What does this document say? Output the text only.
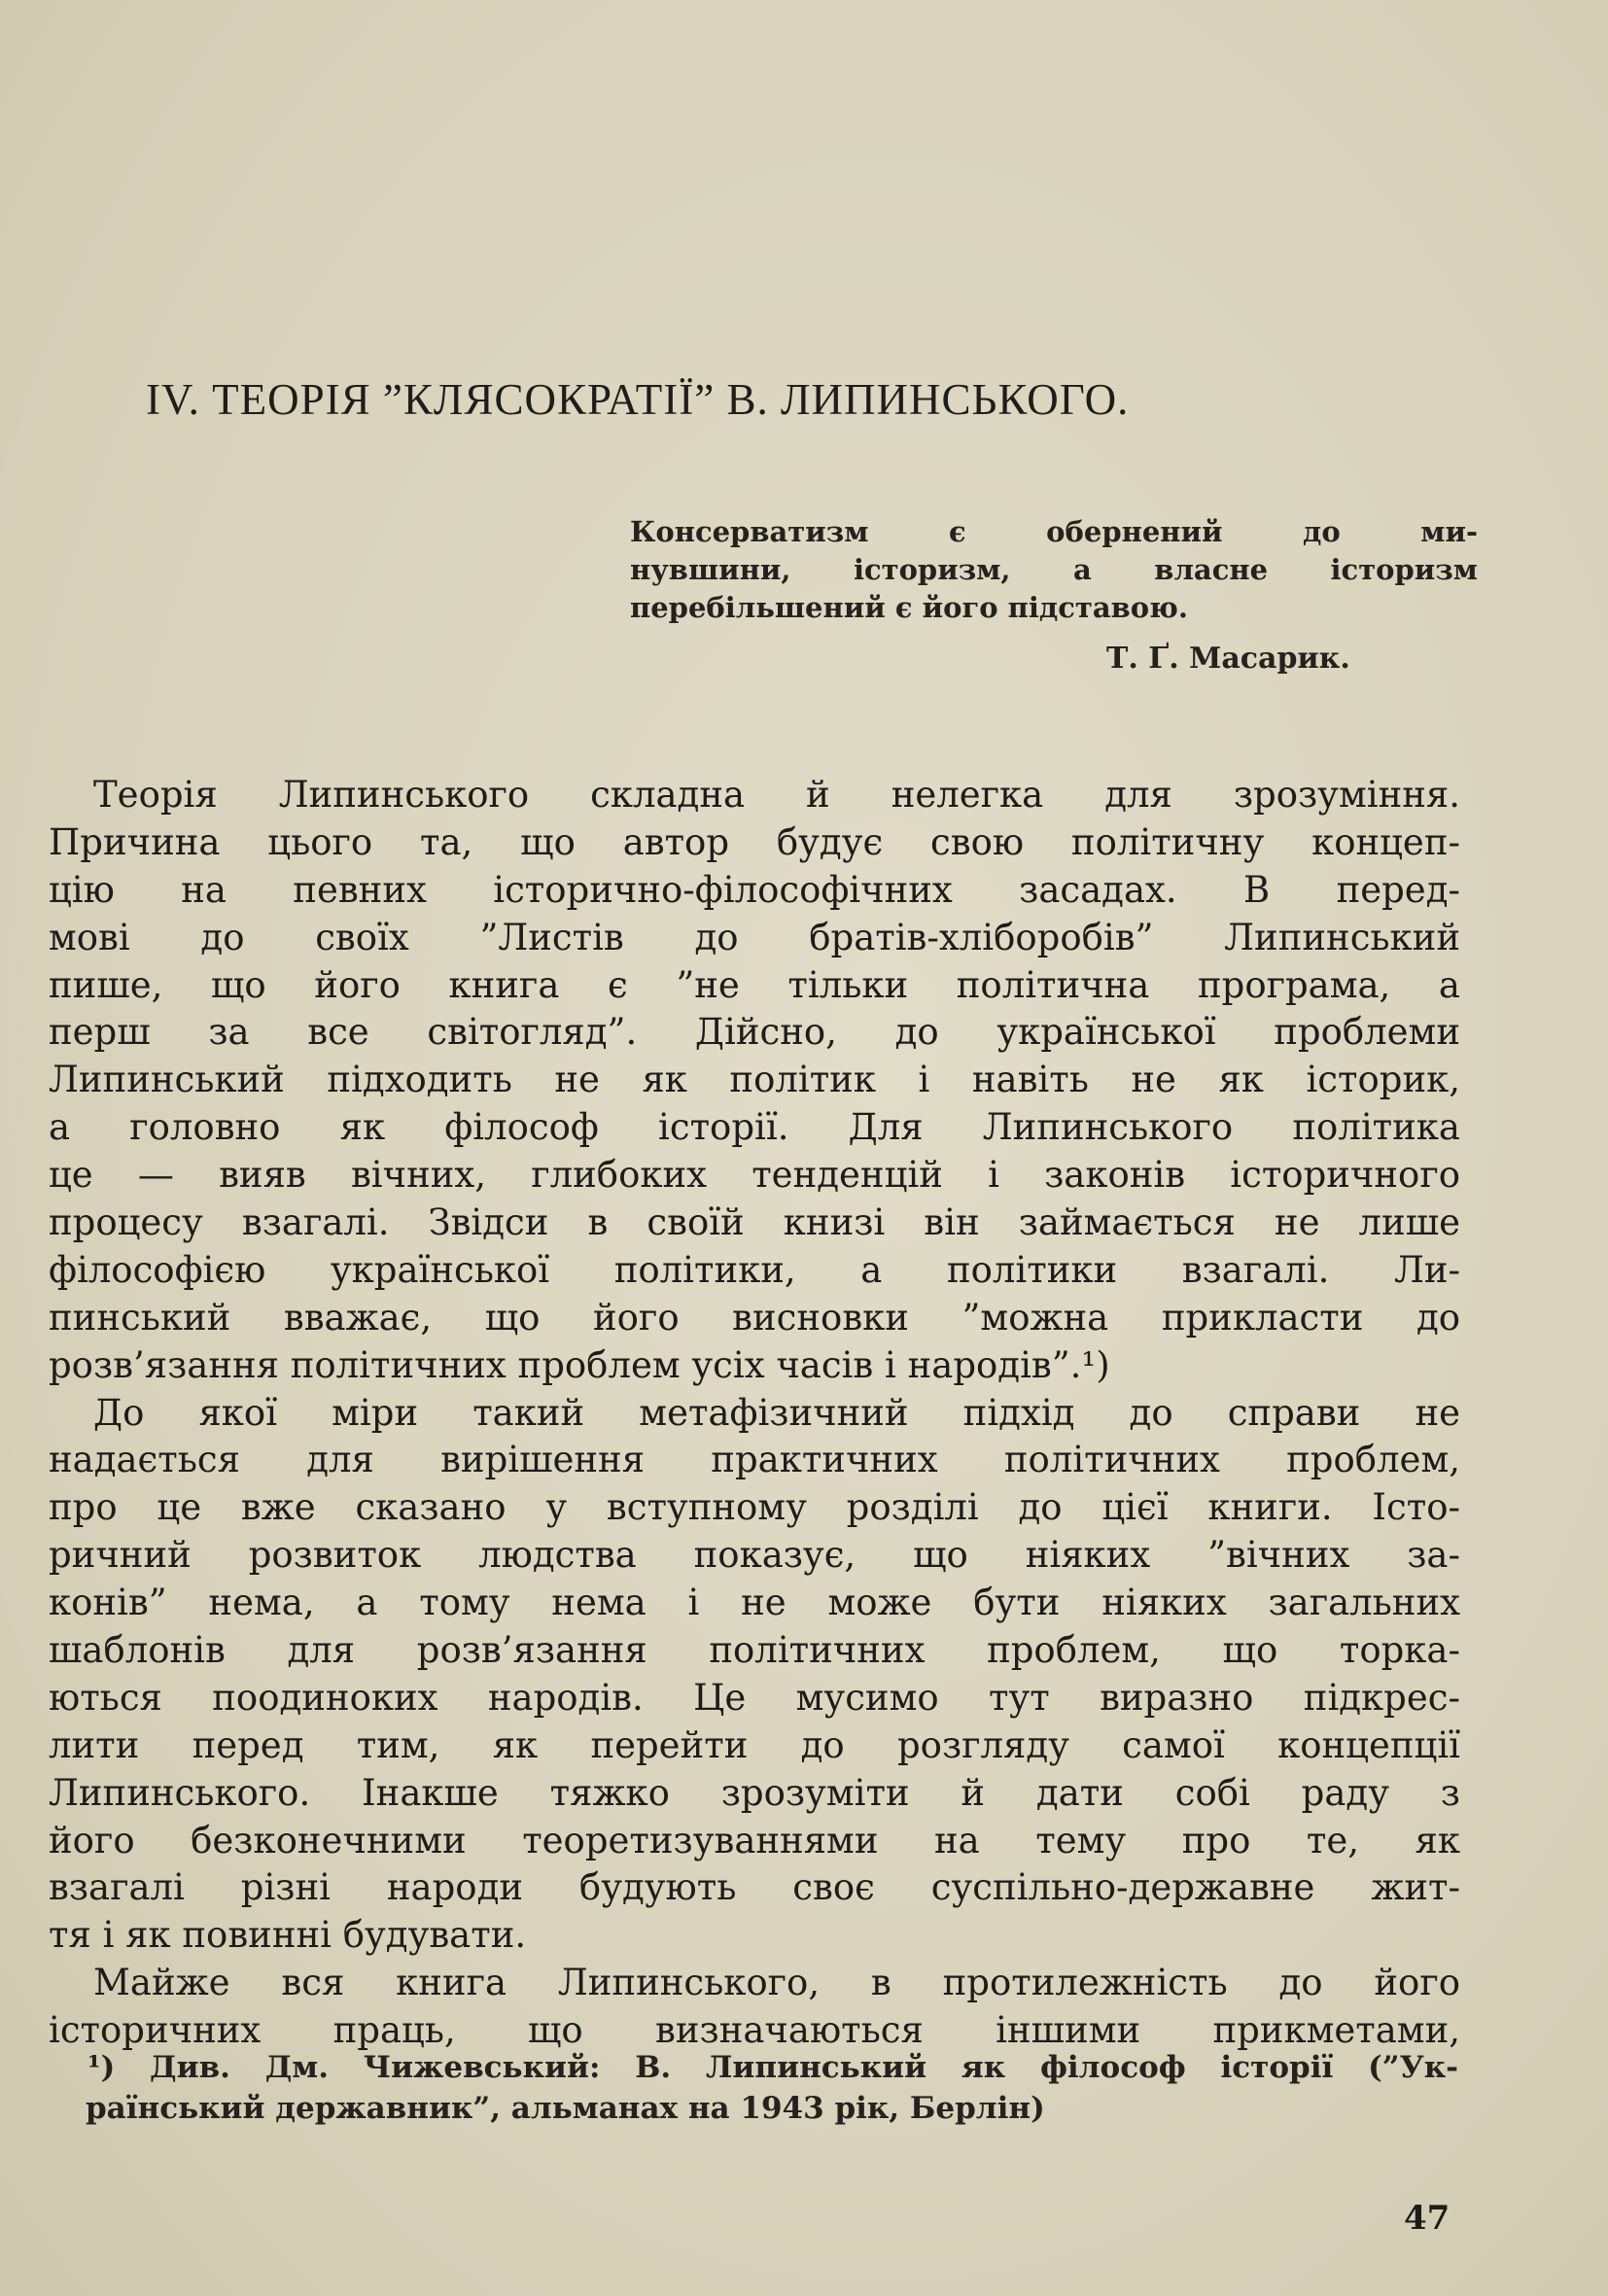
IV. ТЕОРІЯ ”КЛЯСОКРАТІЇ” В. ЛИПИНСЬКОГО.
Консерватизм є обернений до ми-
нувшини, історизм, а власне історизм
перебільшений є його підставою.
Т. Ґ. Масарик.
Теорія Липинського складна й нелегка для зрозуміння.
Причина цього та, що автор будує свою політичну концеп-
цію на певних історично-філософічних засадах. В перед-
мові до своїх ”Листів до братів-хліборобів” Липинський
пише, що його книга є ”не тільки політична програма, а
перш за все світогляд”. Дійсно, до української проблеми
Липинський підходить не як політик і навіть не як історик,
а головно як філософ історії. Для Липинського політика
це — вияв вічних, глибоких тенденцій і законів історичного
процесу взагалі. Звідси в своїй книзі він займається не лише
філософією української політики, а політики взагалі. Ли-
пинський вважає, що його висновки ”можна прикласти до
розв’язання політичних проблем усіх часів і народів”.¹)
До якої міри такий метафізичний підхід до справи не
надається для вирішення практичних політичних проблем,
про це вже сказано у вступному розділі до цієї книги. Істо-
ричний розвиток людства показує, що ніяких ”вічних за-
конів” нема, а тому нема і не може бути ніяких загальних
шаблонів для розв’язання політичних проблем, що торка-
ються поодиноких народів. Це мусимо тут виразно підкрес-
лити перед тим, як перейти до розгляду самої концепції
Липинського. Інакше тяжко зрозуміти й дати собі раду з
його безконечними теоретизуваннями на тему про те, як
взагалі різні народи будують своє суспільно-державне жит-
тя і як повинні будувати.
Майже вся книга Липинського, в протилежність до його
історичних праць, що визначаються іншими прикметами,
¹) Див. Дм. Чижевський: В. Липинський як філософ історії (”Ук-
раїнський державник”, альманах на 1943 рік, Берлін)
47
